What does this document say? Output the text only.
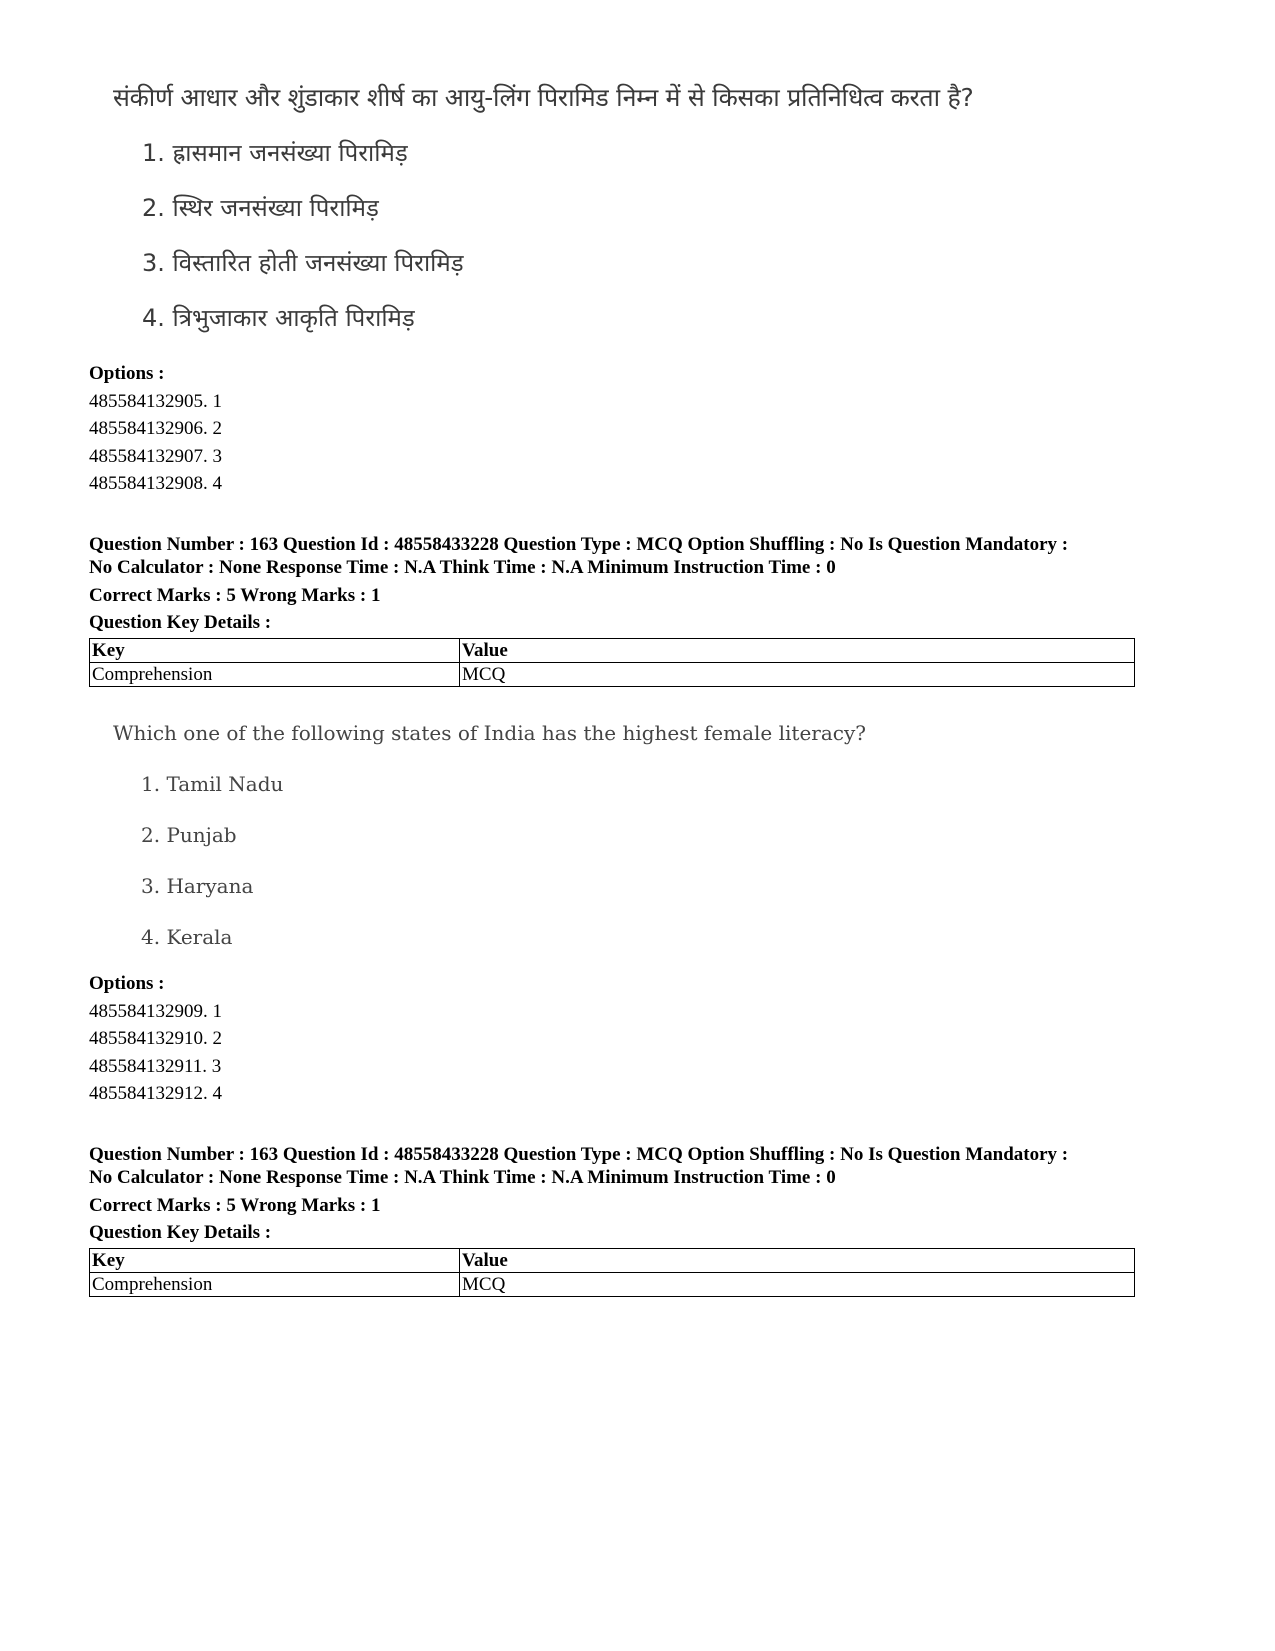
संकीर्ण आधार और शुंडाकार शीर्ष का आयु-लिंग पिरामिड निम्न में से किसका प्रतिनिधित्व करता है?
1. ह्रासमान जनसंख्या पिरामिड़
2. स्थिर जनसंख्या पिरामिड़
3. विस्तारित होती जनसंख्या पिरामिड़
4. त्रिभुजाकार आकृति पिरामिड़
Options :
485584132905. 1
485584132906. 2
485584132907. 3
485584132908. 4
Question Number : 163 Question Id : 48558433228 Question Type : MCQ Option Shuffling : No Is Question Mandatory :
No Calculator : None Response Time : N.A Think Time : N.A Minimum Instruction Time : 0
Correct Marks : 5 Wrong Marks : 1
Question Key Details :
Key	Value
Comprehension	MCQ
Which one of the following states of India has the highest female literacy?
1. Tamil Nadu
2. Punjab
3. Haryana
4. Kerala
Options :
485584132909. 1
485584132910. 2
485584132911. 3
485584132912. 4
Question Number : 163 Question Id : 48558433228 Question Type : MCQ Option Shuffling : No Is Question Mandatory :
No Calculator : None Response Time : N.A Think Time : N.A Minimum Instruction Time : 0
Correct Marks : 5 Wrong Marks : 1
Question Key Details :
Key	Value
Comprehension	MCQ
